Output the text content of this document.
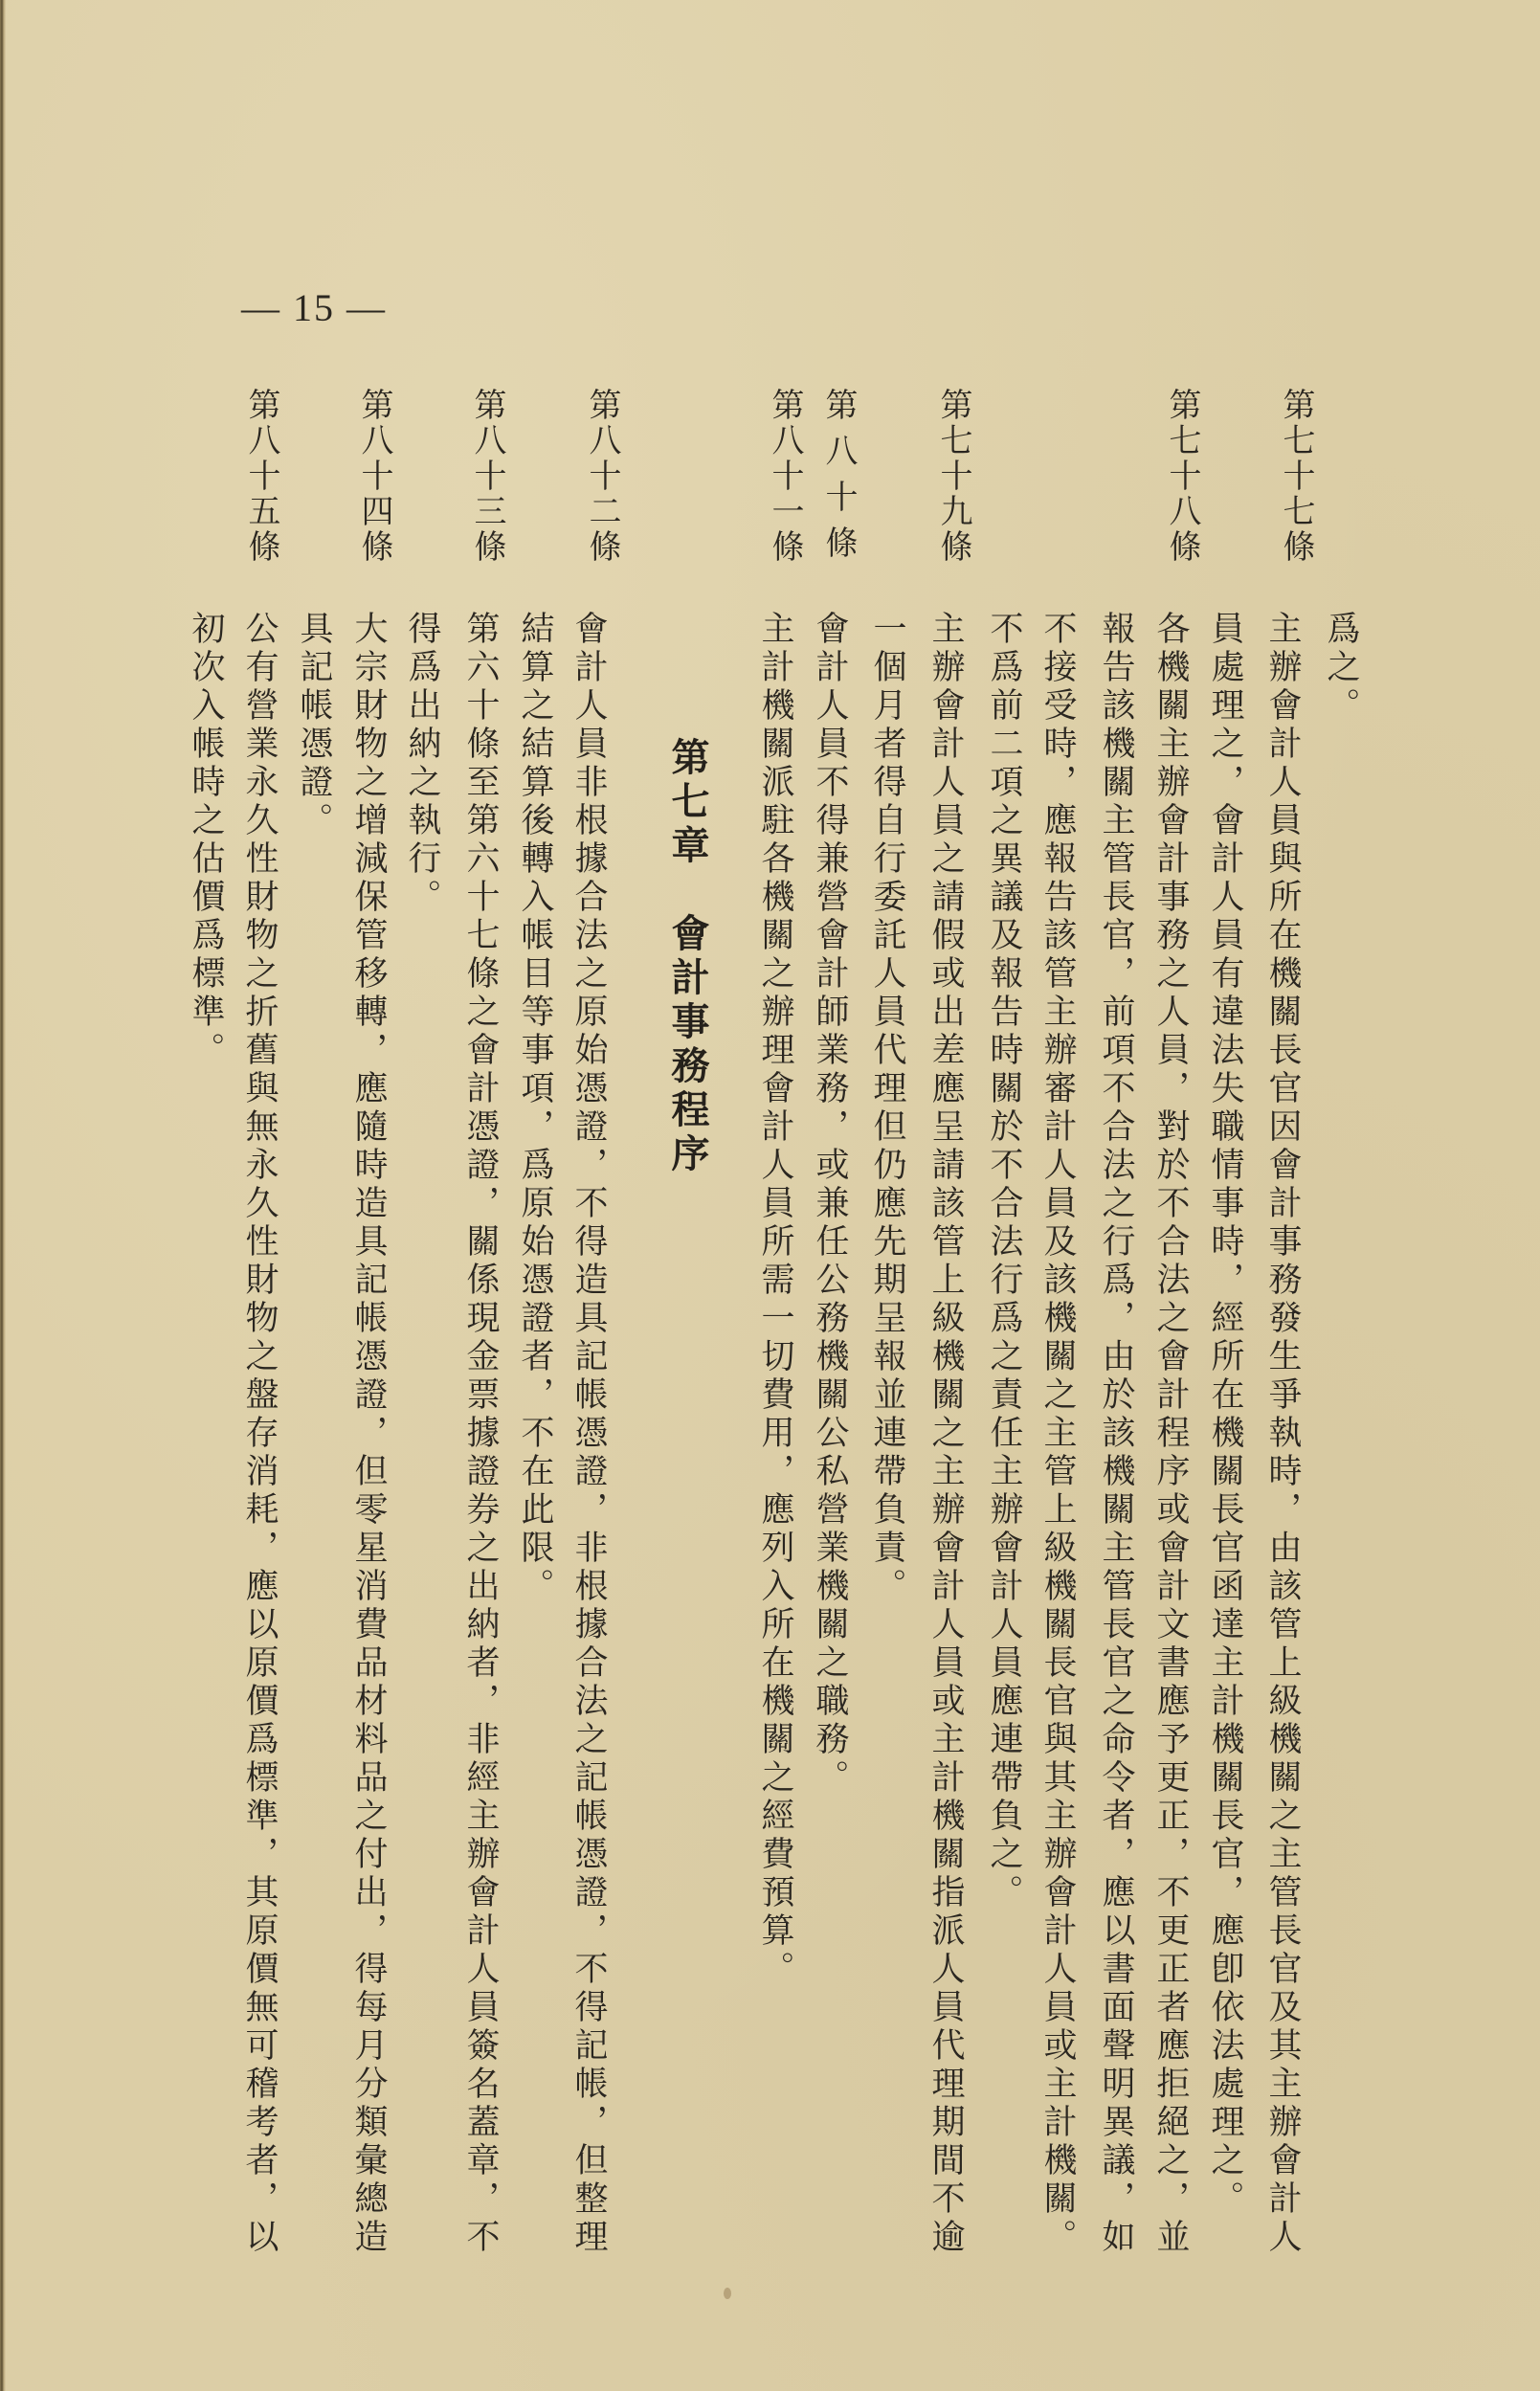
— 15 —
爲之。
第七十七條
主辦會計人員與所在機關長官因會計事務發生爭執時，由該管上級機關之主管長官及其主辦會計人
員處理之，會計人員有違法失職情事時，經所在機關長官函達主計機關長官，應卽依法處理之。
第七十八條
各機關主辦會計事務之人員，對於不合法之會計程序或會計文書應予更正，不更正者應拒絕之，並
報告該機關主管長官，前項不合法之行爲，由於該機關主管長官之命令者，應以書面聲明異議，如
不接受時，應報告該管主辦審計人員及該機關之主管上級機關長官與其主辦會計人員或主計機關。
不爲前二項之異議及報告時關於不合法行爲之責任主辦會計人員應連帶負之。
第七十九條
主辦會計人員之請假或出差應呈請該管上級機關之主辦會計人員或主計機關指派人員代理期間不逾
一個月者得自行委託人員代理但仍應先期呈報並連帶負責。
第八十條
會計人員不得兼營會計師業務，或兼任公務機關公私營業機關之職務。
第八十一條
主計機關派駐各機關之辦理會計人員所需一切費用，應列入所在機關之經費預算。
第七章會計事務程序
第八十二條
會計人員非根據合法之原始憑證，不得造具記帳憑證，非根據合法之記帳憑證，不得記帳，但整理
結算之結算後轉入帳目等事項，爲原始憑證者，不在此限。
第八十三條
第六十條至第六十七條之會計憑證，關係現金票據證券之出納者，非經主辦會計人員簽名蓋章，不
得爲出納之執行。
第八十四條
大宗財物之增減保管移轉，應隨時造具記帳憑證，但零星消費品材料品之付出，得每月分類彙總造
具記帳憑證。
第八十五條
公有營業永久性財物之折舊與無永久性財物之盤存消耗，應以原價爲標準，其原價無可稽考者，以
初次入帳時之估價爲標準。
